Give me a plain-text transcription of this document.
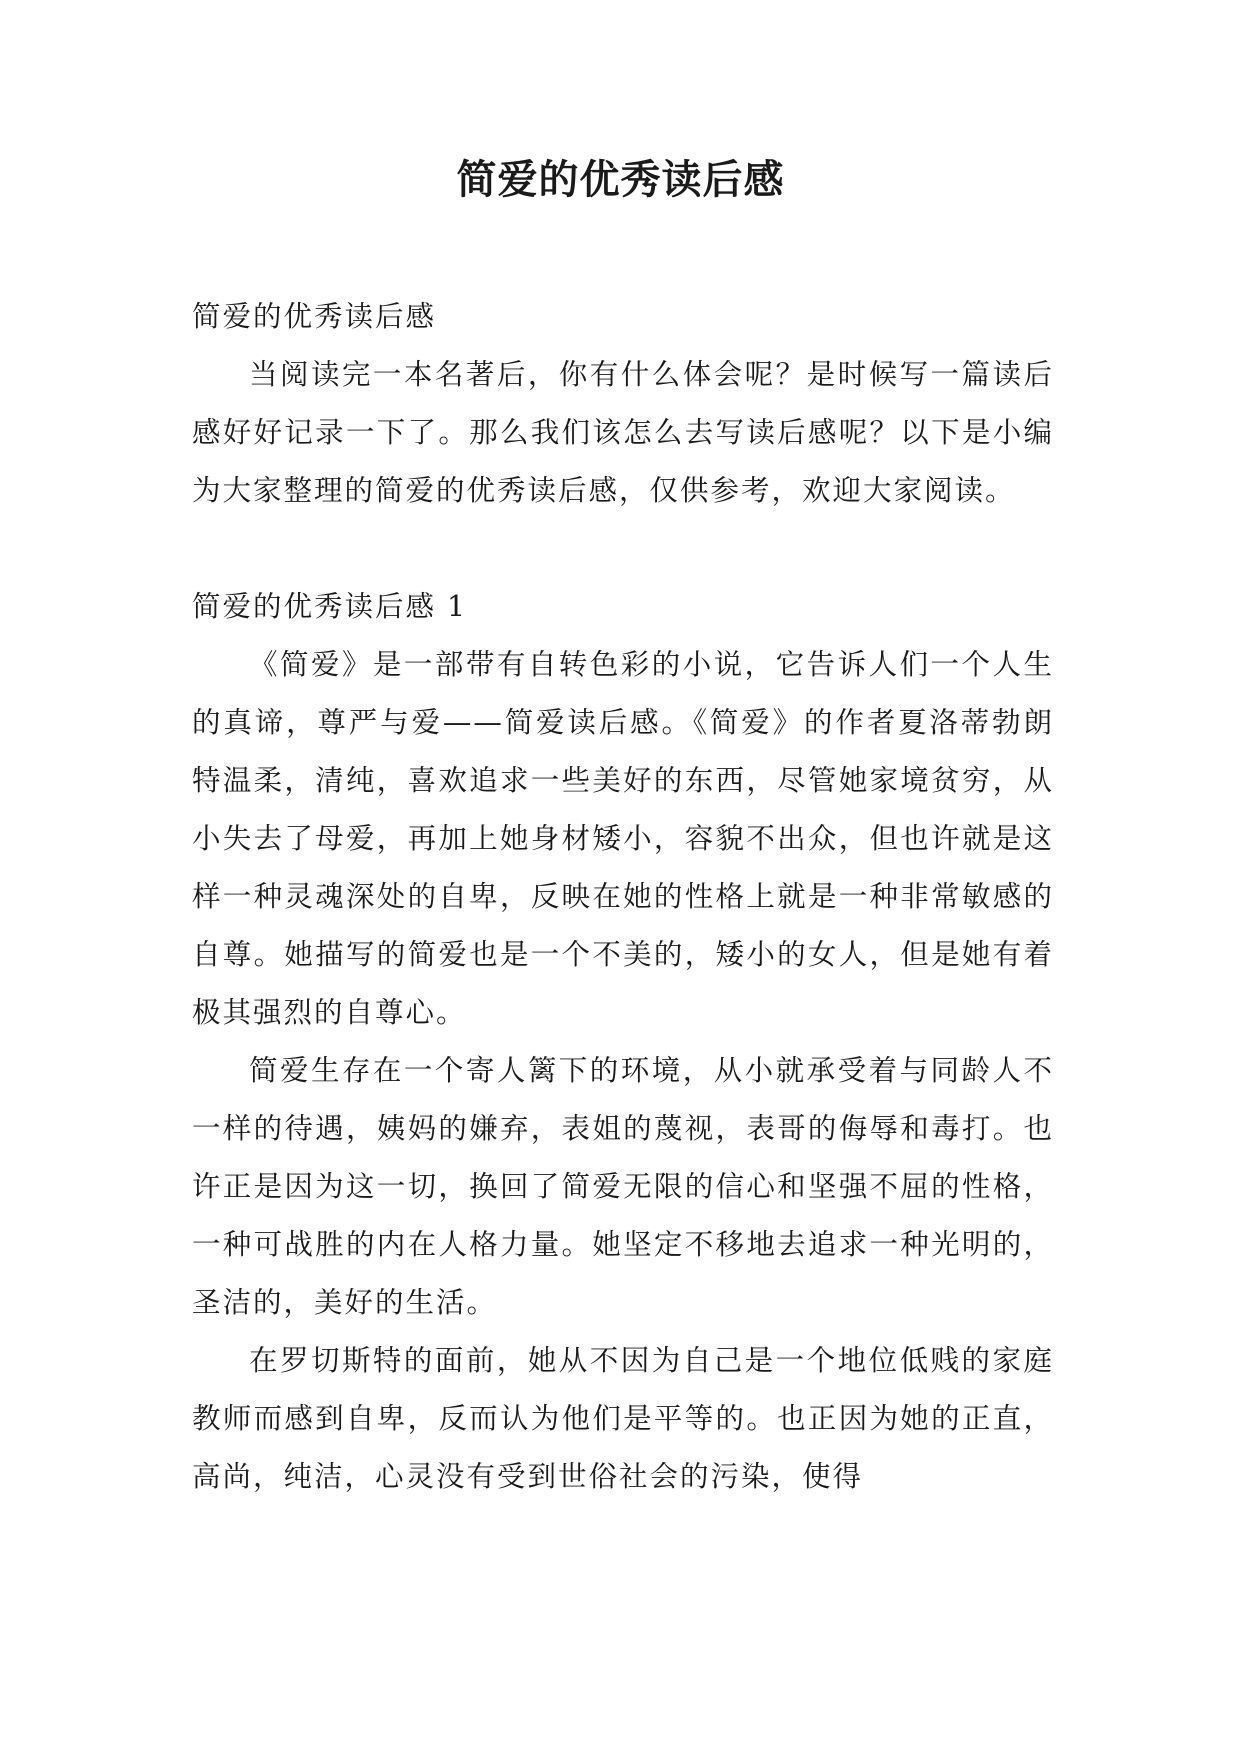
简爱的优秀读后感
简爱的优秀读后感

当阅读完一本名著后，你有什么体会呢？是时候写一篇读后感好好记录一下了。那么我们该怎么去写读后感呢？以下是小编为大家整理的简爱的优秀读后感，仅供参考，欢迎大家阅读。

简爱的优秀读后感 1

《简爱》是一部带有自转色彩的小说，它告诉人们一个人生的真谛，尊严与爱——简爱读后感。《简爱》的作者夏洛蒂勃朗特温柔，清纯，喜欢追求一些美好的东西，尽管她家境贫穷，从小失去了母爱，再加上她身材矮小，容貌不出众，但也许就是这样一种灵魂深处的自卑，反映在她的性格上就是一种非常敏感的自尊。她描写的简爱也是一个不美的，矮小的女人，但是她有着极其强烈的自尊心。

简爱生存在一个寄人篱下的环境，从小就承受着与同龄人不一样的待遇，姨妈的嫌弃，表姐的蔑视，表哥的侮辱和毒打。也许正是因为这一切，换回了简爱无限的信心和坚强不屈的性格，一种可战胜的内在人格力量。她坚定不移地去追求一种光明的，圣洁的，美好的生活。

在罗切斯特的面前，她从不因为自己是一个地位低贱的家庭教师而感到自卑，反而认为他们是平等的。也正因为她的正直，高尚，纯洁，心灵没有受到世俗社会的污染，使得
